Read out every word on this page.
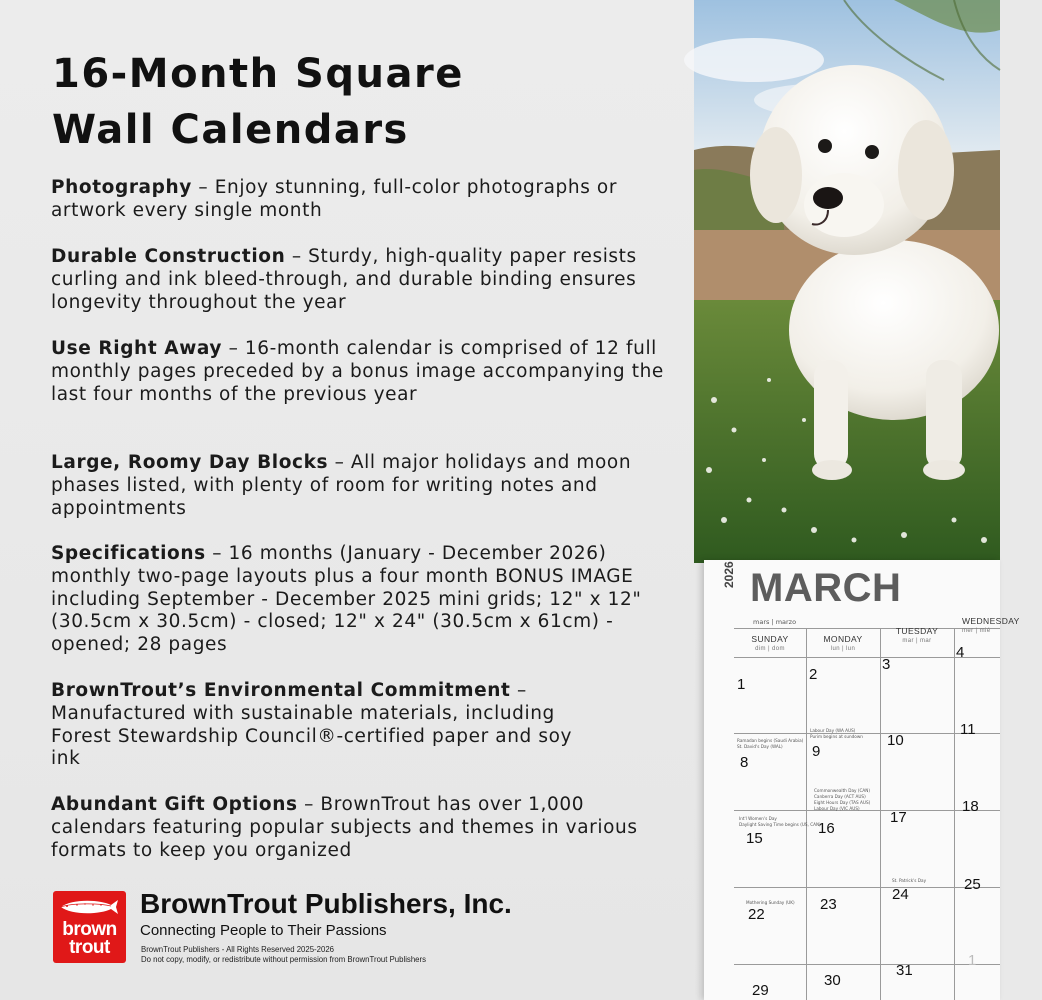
16-Month Square
Wall Calendars
Photography – Enjoy stunning, full-color photographs or artwork every single month
Durable Construction – Sturdy, high-quality paper resists curling and ink bleed-through, and durable binding ensures longevity throughout the year
Use Right Away – 16-month calendar is comprised of 12 full monthly pages preceded by a bonus image accompanying the last four months of the previous year
Large, Roomy Day Blocks – All major holidays and moon phases listed, with plenty of room for writing notes and appointments
Specifications – 16 months (January - December 2026) monthly two-page layouts plus a four month BONUS IMAGE including September - December 2025 mini grids; 12" x 12" (30.5cm x 30.5cm) - closed; 12" x 24" (30.5cm x 61cm) - opened; 28 pages
BrownTrout’s Environmental Commitment – Manufactured with sustainable materials, including Forest Stewardship Council®-certified paper and soy ink
Abundant Gift Options – BrownTrout has over 1,000 calendars featuring popular subjects and themes in various formats to keep you organized
brown
trout
BrownTrout Publishers, Inc.
Connecting People to Their Passions
BrownTrout Publishers - All Rights Reserved 2025-2026
Do not copy, modify, or redistribute without permission from BrownTrout Publishers
2026 MARCH
mars | marzo
SUNDAY
dim | dom
MONDAY
lun | lun
TUESDAY
mar | mar
WEDNESDAY
mer | mié
1
2
3
4
8
9
10
11
15
16
17
18
22
23
24
25
29
30
31
1
Ramadan begins (Saudi Arabia)
St. David's Day (WAL)
Labour Day (WA AUS)
Purim begins at sundown
Int'l Women's Day
Daylight Saving Time begins (US, CAN)
Commonwealth Day (CAN)
Canberra Day (ACT AUS)
Eight Hours Day (TAS AUS)
Labour Day (VIC AUS)
St. Patrick's Day
Mothering Sunday (UK)
